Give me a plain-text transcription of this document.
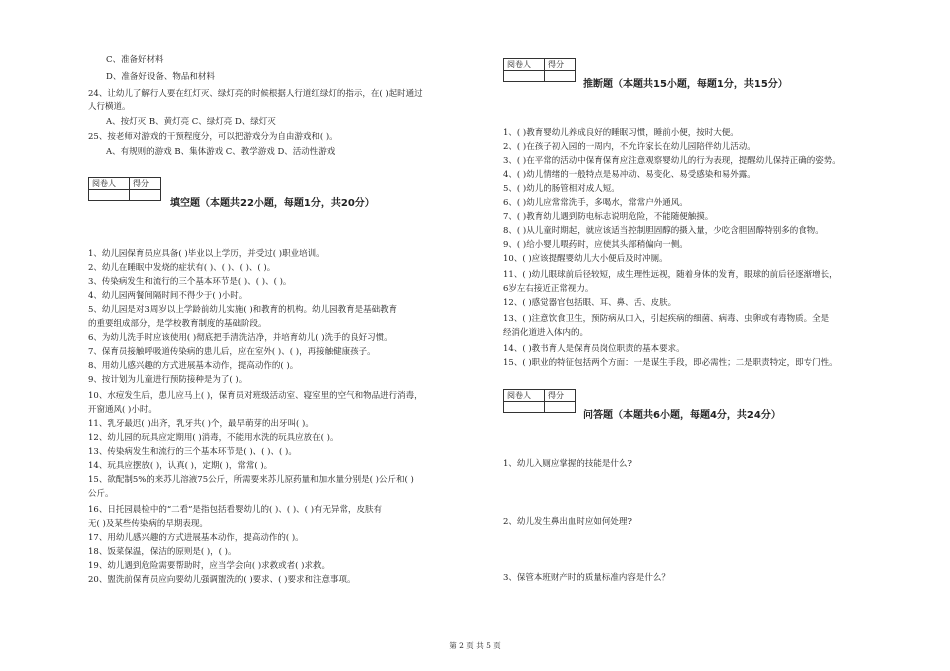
C、准备好材料
D、准备好设备、物品和材料
24、让幼儿了解行人要在红灯灭、绿灯亮的时候根据人行道红绿灯的指示，在( )起时通过
人行横道。
A、按灯灭 B、黄灯亮 C、绿灯亮 D、绿灯灭
25、按老师对游戏的干预程度分，可以把游戏分为自由游戏和( )。
A、有规则的游戏 B、集体游戏 C、教学游戏 D、活动性游戏
阅卷人	得分

填空题（本题共22小题，每题1分，共20分）
1、幼儿园保育员应具备( )毕业以上学历，并受过( )职业培训。
2、幼儿在睡眠中发烧的症状有( )、( )、( )、( )。
3、传染病发生和流行的三个基本环节是( )、( )、( )。
4、幼儿园两餐间隔时间不得少于( )小时。
5、幼儿园是对3周岁以上学龄前幼儿实施( )和教育的机构。幼儿园教育是基础教育
的重要组成部分，是学校教育制度的基础阶段。
6、为幼儿洗手时应该使用( )彻底把手清洗洁净，并培育幼儿( )洗手的良好习惯。
7、保育员接触呼吸道传染病的患儿后，应在室外( )、( )，再接触健康孩子。
8、用幼儿感兴趣的方式进展基本动作，提高动作的( )。
9、按计划为儿童进行预防接种是为了( )。
10、水痘发生后，患儿应马上( )，保育员对班级活动室、寝室里的空气和物品进行消毒，
开窗通风( )小时。
11、乳牙最迟( )出齐，乳牙共( )个，最早萌芽的出牙叫( )。
12、幼儿园的玩具应定期用( )消毒，不能用水洗的玩具应放在( )。
13、传染病发生和流行的三个基本环节是( )、( )、( )。
14、玩具应摆放( )，认真( )，定期( )，常常( )。
15、欲配制5%的来苏儿溶液75公斤，所需要来苏儿原药量和加水量分别是( )公斤和( )
公斤。
16、日托园晨检中的“二看”是指包括看婴幼儿的( )、( )、( )有无异常，皮肤有
无( )及某些传染病的早期表现。
17、用幼儿感兴趣的方式进展基本动作，提高动作的( )。
18、饭菜保温，保洁的原则是( )，( )。
19、幼儿遇到危险需要帮助时，应当学会向( )求救或者( )求救。
20、盥洗前保育员应向要幼儿强调盥洗的( )要求、( )要求和注意事项。
阅卷人	得分

推断题（本题共15小题，每题1分，共15分）
1、( )教育婴幼儿养成良好的睡眠习惯，睡前小便，按时大便。
2、( )在孩子初入园的一周内，不允许家长在幼儿园陪伴幼儿活动。
3、( )在平常的活动中保育保育应注意观察婴幼儿的行为表现，提醒幼儿保持正确的姿势。
4、( )幼儿情绪的一般特点是易冲动、易变化、易受感染和易外露。
5、( )幼儿的肠管相对成人短。
6、( )幼儿应常常洗手，多喝水，常常户外通风。
7、( )教育幼儿遇到防电标志说明危险，不能随便触摸。
8、( )从儿童时期起，就应该适当控制胆固醇的摄入量，少吃含胆固醇特别多的食物。
9、( )给小婴儿喂药时，应使其头部稍偏向一侧。
10、( )应该提醒婴幼儿大小便后及时冲厕。
11、( )幼儿眼球前后径较短，成生理性远视，随着身体的发育，眼球的前后径逐渐增长，
6岁左右接近正常视力。
12、( )感觉器官包括眼、耳、鼻、舌、皮肤。
13、( )注意饮食卫生，预防病从口入，引起疾病的细菌、病毒、虫卵或有毒物质。全是
经消化道进入体内的。
14、( )教书育人是保育员岗位职责的基本要求。
15、( )职业的特征包括两个方面：一是谋生手段，即必需性；二是职责特定，即专门性。
阅卷人	得分

问答题（本题共6小题，每题4分，共24分）
1、幼儿入厕应掌握的技能是什么?
2、幼儿发生鼻出血时应如何处理?
3、保管本班财产时的质量标准内容是什么？
第 2 页 共 5 页
